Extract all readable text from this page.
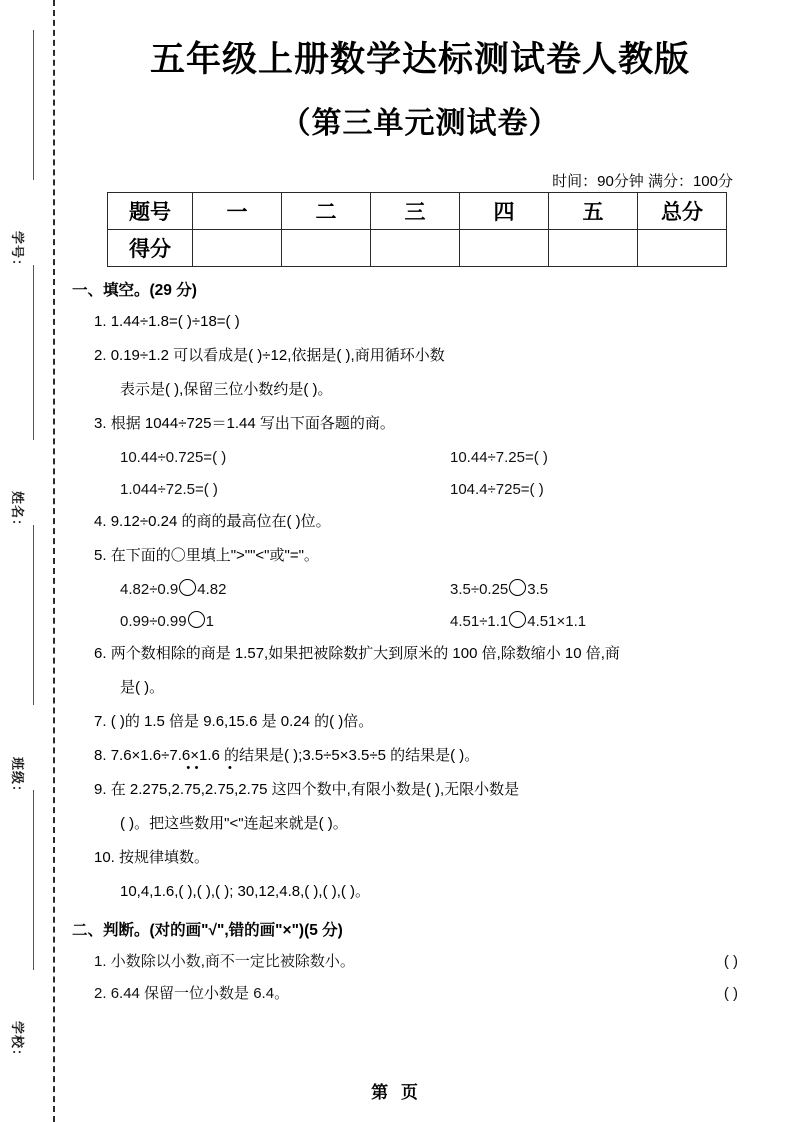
学号：
姓名：
班级：
学校：
五年级上册数学达标测试卷人教版
（第三单元测试卷）
时间：90分钟 满分：100分
题号	一	二	三	四	五	总分
得分						
一、填空。(29 分)
1. 1.44÷1.8=( )÷18=( )
2. 0.19÷1.2 可以看成是( )÷12,依据是( ),商用循环小数
表示是( ),保留三位小数约是( )。
3. 根据 1044÷725＝1.44 写出下面各题的商。
10.44÷0.725=( )	10.44÷7.25=( )
1.044÷72.5=( )	104.4÷725=( )
4. 9.12÷0.24 的商的最高位在( )位。
5. 在下面的〇里填上">""<"或"="。
4.82÷0.9 4.82	3.5÷0.25 3.5
0.99÷0.99 1	4.51÷1.1 4.51×1.1
6. 两个数相除的商是 1.57,如果把被除数扩大到原米的 100 倍,除数缩小 10 倍,商
是( )。
7. ( )的 1.5 倍是 9.6,15.6 是 0.24 的( )倍。
8. 7.6×1.6÷7.6×1.6 的结果是( );3.5÷5×3.5÷5 的结果是( )。
9. 在 2.275,2.• 7• 5,2.7• 5,2.75 这四个数中,有限小数是( ),无限小数是
( )。把这些数用"<"连起来就是( )。
10. 按规律填数。
10,4,1.6,( ),( ),( ); 30,12,4.8,( ),( ),( )。
二、判断。(对的画"√",错的画"×")(5 分)
1. 小数除以小数,商不一定比被除数小。	( )
2. 6.44 保留一位小数是 6.4。	( )
第 页
